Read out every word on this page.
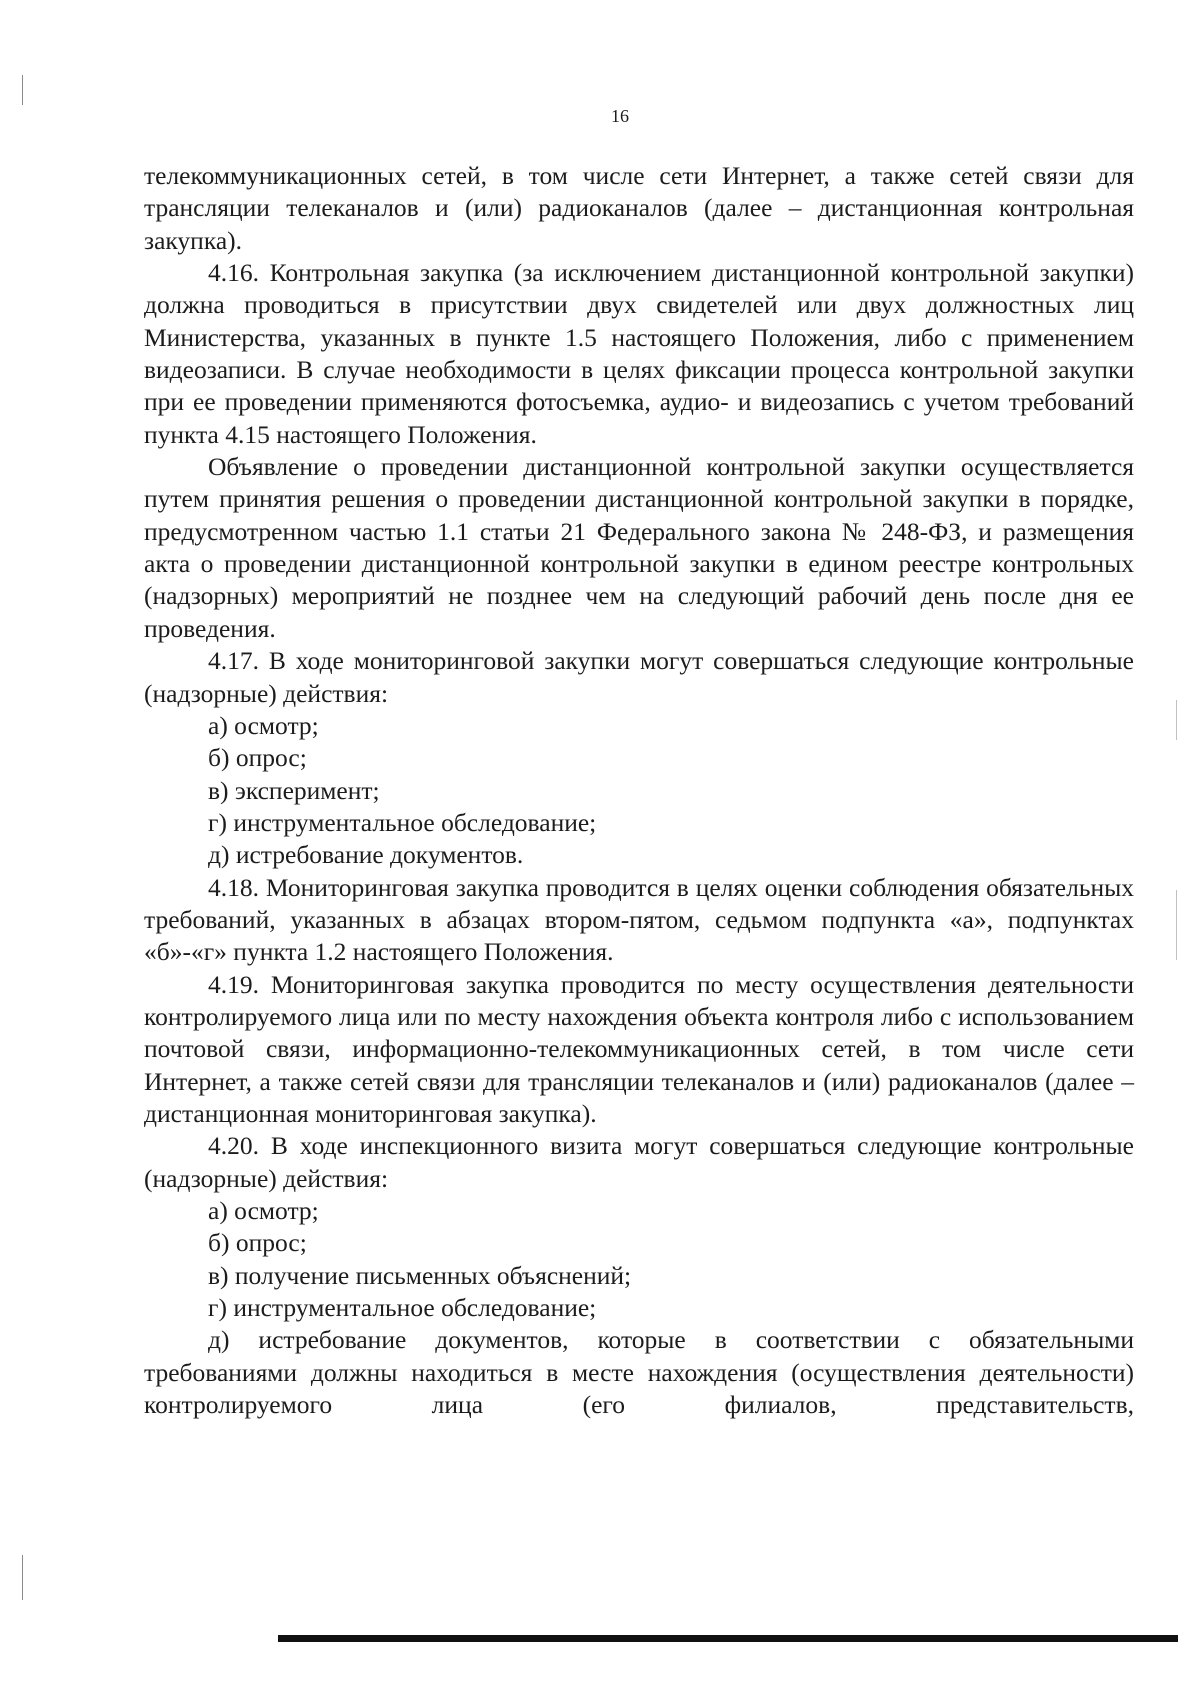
16

телекоммуникационных сетей, в том числе сети Интернет, а также сетей связи для трансляции телеканалов и (или) радиоканалов (далее – дистанционная контрольная закупка).

4.16. Контрольная закупка (за исключением дистанционной контрольной закупки) должна проводиться в присутствии двух свидетелей или двух должностных лиц Министерства, указанных в пункте 1.5 настоящего Положения, либо с применением видеозаписи. В случае необходимости в целях фиксации процесса контрольной закупки при ее проведении применяются фотосъемка, аудио- и видеозапись с учетом требований пункта 4.15 настоящего Положения.

Объявление о проведении дистанционной контрольной закупки осуществляется путем принятия решения о проведении дистанционной контрольной закупки в порядке, предусмотренном частью 1.1 статьи 21 Федерального закона № 248-ФЗ, и размещения акта о проведении дистанционной контрольной закупки в едином реестре контрольных (надзорных) мероприятий не позднее чем на следующий рабочий день после дня ее проведения.

4.17. В ходе мониторинговой закупки могут совершаться следующие контрольные (надзорные) действия:

а) осмотр;

б) опрос;

в) эксперимент;

г) инструментальное обследование;

д) истребование документов.

4.18. Мониторинговая закупка проводится в целях оценки соблюдения обязательных требований, указанных в абзацах втором-пятом, седьмом подпункта «а», подпунктах «б»-«г» пункта 1.2 настоящего Положения.

4.19. Мониторинговая закупка проводится по месту осуществления деятельности контролируемого лица или по месту нахождения объекта контроля либо с использованием почтовой связи, информационно-телекоммуникационных сетей, в том числе сети Интернет, а также сетей связи для трансляции телеканалов и (или) радиоканалов (далее – дистанционная мониторинговая закупка).

4.20. В ходе инспекционного визита могут совершаться следующие контрольные (надзорные) действия:

а) осмотр;

б) опрос;

в) получение письменных объяснений;

г) инструментальное обследование;

д) истребование документов, которые в соответствии с обязательными требованиями должны находиться в месте нахождения (осуществления деятельности) контролируемого лица (его филиалов, представительств,
